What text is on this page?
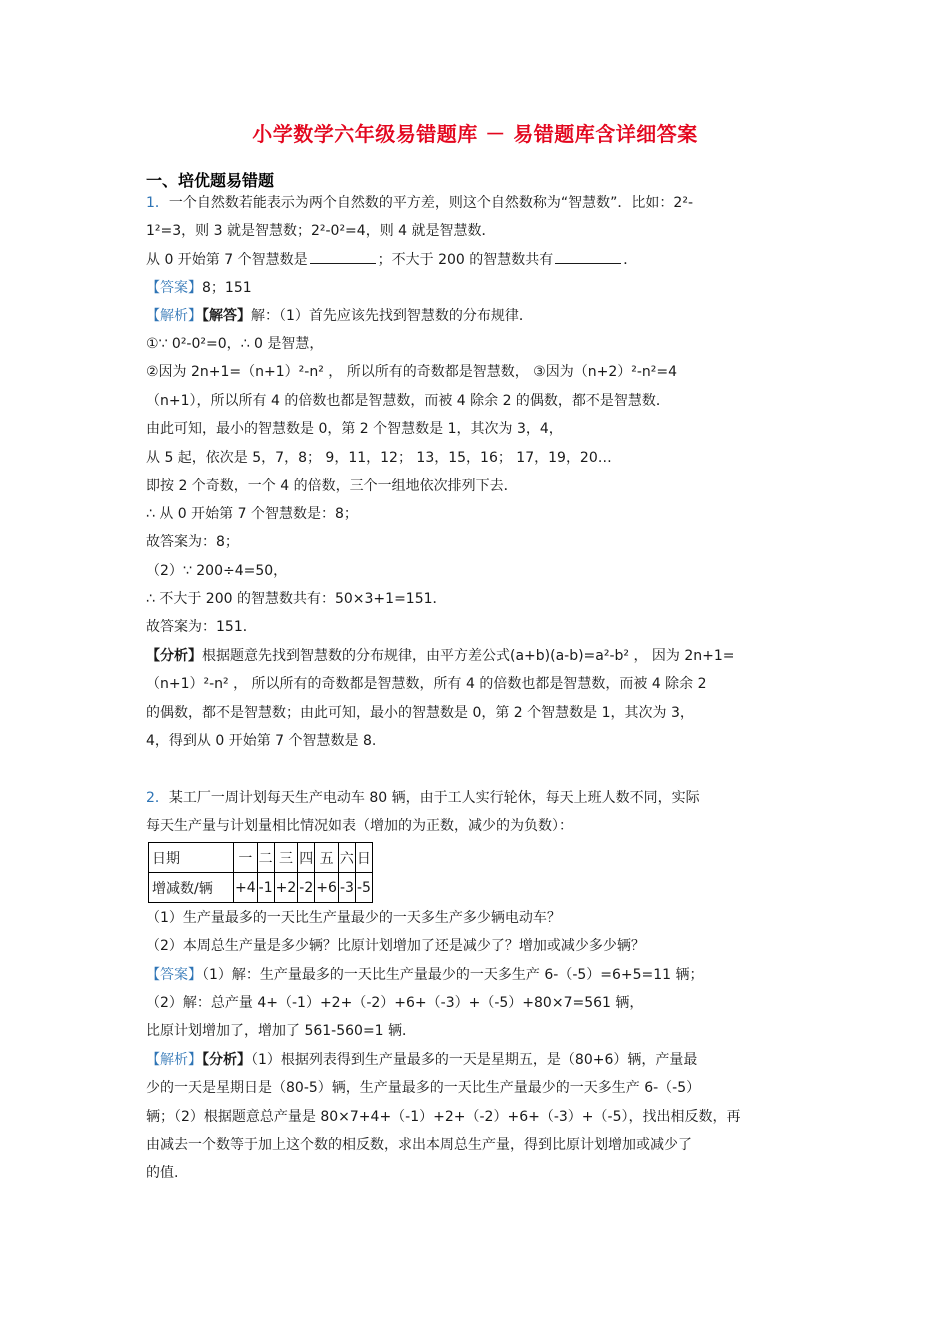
小学数学六年级易错题库 － 易错题库含详细答案
一、培优题易错题
1．一个自然数若能表示为两个自然数的平方差，则这个自然数称为“智慧数”．比如：2²-
1²=3，则 3 就是智慧数；2²-0²=4，则 4 就是智慧数．
从 0 开始第 7 个智慧数是	；不大于 200 的智慧数共有	．
【答案】8；151
【解析】【解答】解：（1）首先应该先找到智慧数的分布规律．
①∵ 0²-0²=0，∴ 0 是智慧，
②因为 2n+1=（n+1）²-n² ， 所以所有的奇数都是智慧数， ③因为（n+2）²-n²=4
（n+1），所以所有 4 的倍数也都是智慧数，而被 4 除余 2 的偶数，都不是智慧数．
由此可知，最小的智慧数是 0，第 2 个智慧数是 1，其次为 3，4，
从 5 起，依次是 5，7，8； 9，11，12； 13，15，16； 17，19，20…
即按 2 个奇数，一个 4 的倍数，三个一组地依次排列下去．
∴ 从 0 开始第 7 个智慧数是：8；
故答案为：8；
（2）∵ 200÷4=50，
∴ 不大于 200 的智慧数共有：50×3+1=151．
故答案为：151．
【分析】根据题意先找到智慧数的分布规律，由平方差公式(a+b)(a-b)=a²-b² ， 因为 2n+1=
（n+1）²-n² ， 所以所有的奇数都是智慧数，所有 4 的倍数也都是智慧数，而被 4 除余 2
的偶数，都不是智慧数；由此可知，最小的智慧数是 0，第 2 个智慧数是 1，其次为 3，
4，得到从 0 开始第 7 个智慧数是 8.
2．某工厂一周计划每天生产电动车 80 辆，由于工人实行轮休，每天上班人数不同，实际
每天生产量与计划量相比情况如表（增加的为正数，减少的为负数）：
日期	一	二	三	四	五	六	日
增减数/辆	+4	-1	+2	-2	+6	-3	-5
（1）生产量最多的一天比生产量最少的一天多生产多少辆电动车？
（2）本周总生产量是多少辆？比原计划增加了还是减少了？增加或减少多少辆？
【答案】（1）解：生产量最多的一天比生产量最少的一天多生产 6-（-5）=6+5=11 辆；
（2）解：总产量 4+（-1）+2+（-2）+6+（-3）+（-5）+80×7=561 辆，
比原计划增加了，增加了 561-560=1 辆．
【解析】【分析】（1）根据列表得到生产量最多的一天是星期五，是（80+6）辆，产量最
少的一天是星期日是（80-5）辆，生产量最多的一天比生产量最少的一天多生产 6-（-5）
辆；（2）根据题意总产量是 80×7+4+（-1）+2+（-2）+6+（-3）+（-5），找出相反数，再
由减去一个数等于加上这个数的相反数，求出本周总生产量，得到比原计划增加或减少了
的值.
